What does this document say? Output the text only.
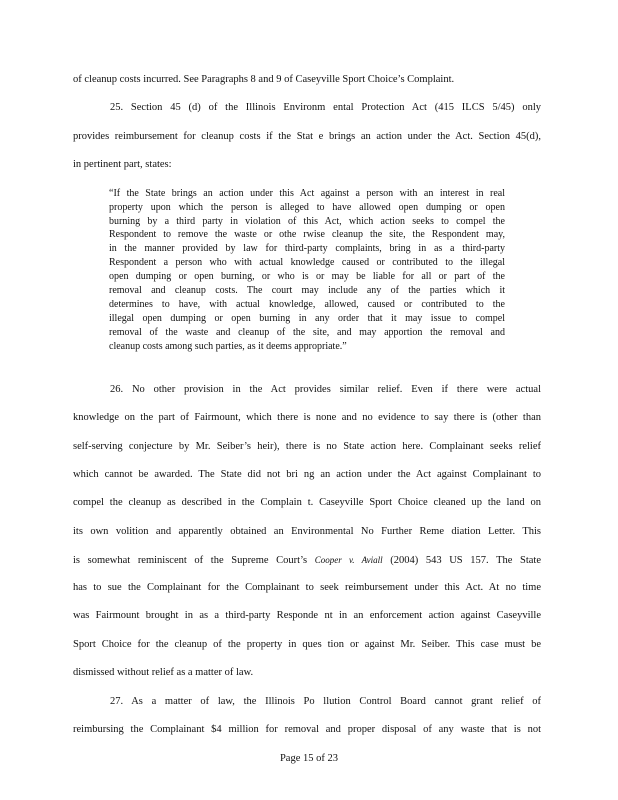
of cleanup costs incurred. See Paragraphs 8 and 9 of Caseyville Sport Choice’s Complaint.
25. Section 45 (d) of the Illinois Environm ental Protection Act (415 ILCS 5/45) only
provides reimbursement for cleanup costs if the Stat e brings an action under the Act. Section 45(d),
in pertinent part, states:
“If the State brings an action under this Act against a person with an interest in real
property upon which the person is alleged to have allowed open dumping or open
burning by a third party in violation of this Act, which action seeks to compel the
Respondent to remove the waste or othe rwise cleanup the site, the Respondent may,
in the manner provided by law for third-party complaints, bring in as a third-party
Respondent a person who with actual knowledge caused or contributed to the illegal
open dumping or open burning, or who is or may be liable for all or part of the
removal and cleanup costs. The court may include any of the parties which it
determines to have, with actual knowledge, allowed, caused or contributed to the
illegal open dumping or open burning in any order that it may issue to compel
removal of the waste and cleanup of the site, and may apportion the removal and
cleanup costs among such parties, as it deems appropriate.”
26. No other provision in the Act provides similar relief. Even if there were actual
knowledge on the part of Fairmount, which there is none and no evidence to say there is (other than
self-serving conjecture by Mr. Seiber’s heir), there is no State action here. Complainant seeks relief
which cannot be awarded. The State did not bri ng an action under the Act against Complainant to
compel the cleanup as described in the Complain t. Caseyville Sport Choice cleaned up the land on
its own volition and apparently obtained an Environmental No Further Reme diation Letter. This
is somewhat reminiscent of the Supreme Court’s Cooper v. Aviall (2004) 543 US 157. The State
has to sue the Complainant for the Complainant to seek reimbursement under this Act. At no time
was Fairmount brought in as a third-party Responde nt in an enforcement action against Caseyville
Sport Choice for the cleanup of the property in ques tion or against Mr. Seiber. This case must be
dismissed without relief as a matter of law.
27. As a matter of law, the Illinois Po llution Control Board cannot grant relief of
reimbursing the Complainant $4 million for removal and proper disposal of any waste that is not
Page 15 of 23
